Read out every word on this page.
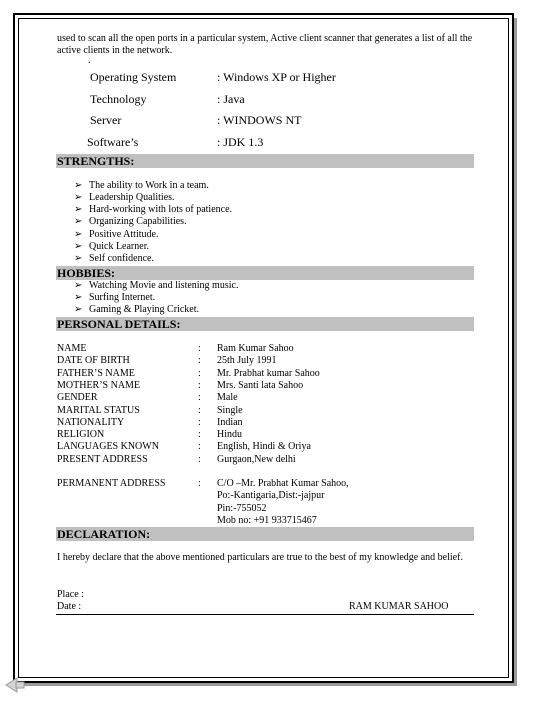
used to scan all the open ports in a particular system, Active client scanner that generates a list of all the active clients in the network.
.
Operating System	: Windows XP or Higher
Technology	: Java
Server	: WINDOWS NT
Software’s	: JDK 1.3
STRENGTHS:
➢ The ability to Work in a team.
➢ Leadership Qualities.
➢ Hard-working with lots of patience.
➢ Organizing Capabilities.
➢ Positive Attitude.
➢ Quick Learner.
➢ Self confidence.
HOBBIES:
➢ Watching Movie and listening music.
➢ Surfing Internet.
➢ Gaming & Playing Cricket.
PERSONAL DETAILS:
NAME	: Ram Kumar Sahoo
DATE OF BIRTH	: 25th July 1991
FATHER’S NAME	: Mr. Prabhat kumar Sahoo
MOTHER’S NAME	: Mrs. Santi lata Sahoo
GENDER	: Male
MARITAL STATUS	: Single
NATIONALITY	: Indian
RELIGION	: Hindu
LANGUAGES KNOWN	: English, Hindi & Oriya
PRESENT ADDRESS	: Gurgaon,New delhi
PERMANENT ADDRESS	: C/O –Mr. Prabhat Kumar Sahoo,
Po:-Kantigaria,Dist:-jajpur
Pin:-755052
Mob no: +91 933715467
DECLARATION:
I hereby declare that the above mentioned particulars are true to the best of my knowledge and belief.
Place :
Date :	RAM KUMAR SAHOO
